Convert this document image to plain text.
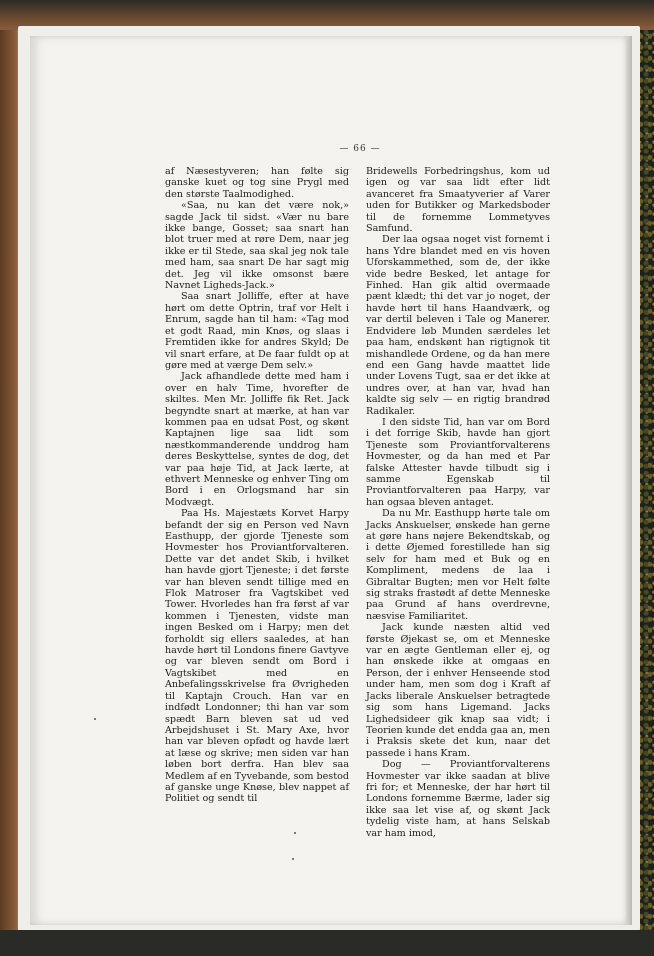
— 66 —

af Næsestyveren; han følte sig ganske kuet og tog sine Prygl med den største Taalmodighed.

«Saa, nu kan det være nok,» sagde Jack til sidst. «Vær nu bare ikke bange, Gosset; saa snart han blot truer med at røre Dem, naar jeg ikke er til Stede, saa skal jeg nok tale med ham, saa snart De har sagt mig det. Jeg vil ikke omsonst bære Navnet Ligheds-Jack.»

Saa snart Jolliffe, efter at have hørt om dette Optrin, traf vor Helt i Enrum, sagde han til ham: «Tag mod et godt Raad, min Knøs, og slaas i Fremtiden ikke for andres Skyld; De vil snart erfare, at De faar fuldt op at gøre med at værge Dem selv.»

Jack afhandlede dette med ham i over en halv Time, hvorefter de skiltes. Men Mr. Jolliffe fik Ret. Jack begyndte snart at mærke, at han var kommen paa en udsat Post, og skønt Kaptajnen lige saa lidt som næstkommanderende unddrog ham deres Beskyttelse, syntes de dog, det var paa høje Tid, at Jack lærte, at ethvert Menneske og enhver Ting om Bord i en Orlogsmand har sin Modvægt.

Paa Hs. Majestæts Korvet Harpy befandt der sig en Person ved Navn Easthupp, der gjorde Tjeneste som Hovmester hos Proviantforvalteren. Dette var det andet Skib, i hvilket han havde gjort Tjeneste; i det første var han bleven sendt tillige med en Flok Matroser fra Vagtskibet ved Tower. Hvorledes han fra først af var kommen i Tjenesten, vidste man ingen Besked om i Harpy; men det forholdt sig ellers saaledes, at han havde hørt til Londons finere Gavtyve og var bleven sendt om Bord i Vagtskibet med en Anbefalingsskrivelse fra Øvrigheden til Kaptajn Crouch. Han var en indfødt Londonner; thi han var som spædt Barn bleven sat ud ved Arbejdshuset i St. Mary Axe, hvor han var bleven opfødt og havde lært at læse og skrive; men siden var han løben bort derfra. Han blev saa Medlem af en Tyvebande, som bestod af ganske unge Knøse, blev nappet af Politiet og sendt til

Bridewells Forbedringshus, kom ud igen og var saa lidt efter lidt avanceret fra Smaatyverier af Varer uden for Butikker og Markedsboder til de fornemme Lommetyves Samfund.

Der laa ogsaa noget vist fornemt i hans Ydre blandet med en vis hoven Uforskammethed, som de, der ikke vide bedre Besked, let antage for Finhed. Han gik altid overmaade pænt klædt; thi det var jo noget, der havde hørt til hans Haandværk, og var dertil beleven i Tale og Manerer. Endvidere løb Munden særdeles let paa ham, endskønt han rigtignok tit mishandlede Ordene, og da han mere end een Gang havde maattet lide under Lovens Tugt, saa er det ikke at undres over, at han var, hvad han kaldte sig selv — en rigtig brandrød Radikaler.

I den sidste Tid, han var om Bord i det forrige Skib, havde han gjort Tjeneste som Proviantforvalterens Hovmester, og da han med et Par falske Attester havde tilbudt sig i samme Egenskab til Proviantforvalteren paa Harpy, var han ogsaa bleven antaget.

Da nu Mr. Easthupp hørte tale om Jacks Anskuelser, ønskede han gerne at gøre hans nøjere Bekendtskab, og i dette Øjemed forestillede han sig selv for ham med et Buk og en Kompliment, medens de laa i Gibraltar Bugten; men vor Helt følte sig straks frastødt af dette Menneske paa Grund af hans overdrevne, næsvise Familiaritet.

Jack kunde næsten altid ved første Øjekast se, om et Menneske var en ægte Gentleman eller ej, og han ønskede ikke at omgaas en Person, der i enhver Henseende stod under ham, men som dog i Kraft af Jacks liberale Anskuelser betragtede sig som hans Ligemand. Jacks Lighedsideer gik knap saa vidt; i Teorien kunde det endda gaa an, men i Praksis skete det kun, naar det passede i hans Kram.

Dog — Proviantforvalterens Hovmester var ikke saadan at blive fri for; et Menneske, der har hørt til Londons fornemme Bærme, lader sig ikke saa let vise af, og skønt Jack tydelig viste ham, at hans Selskab var ham imod,
